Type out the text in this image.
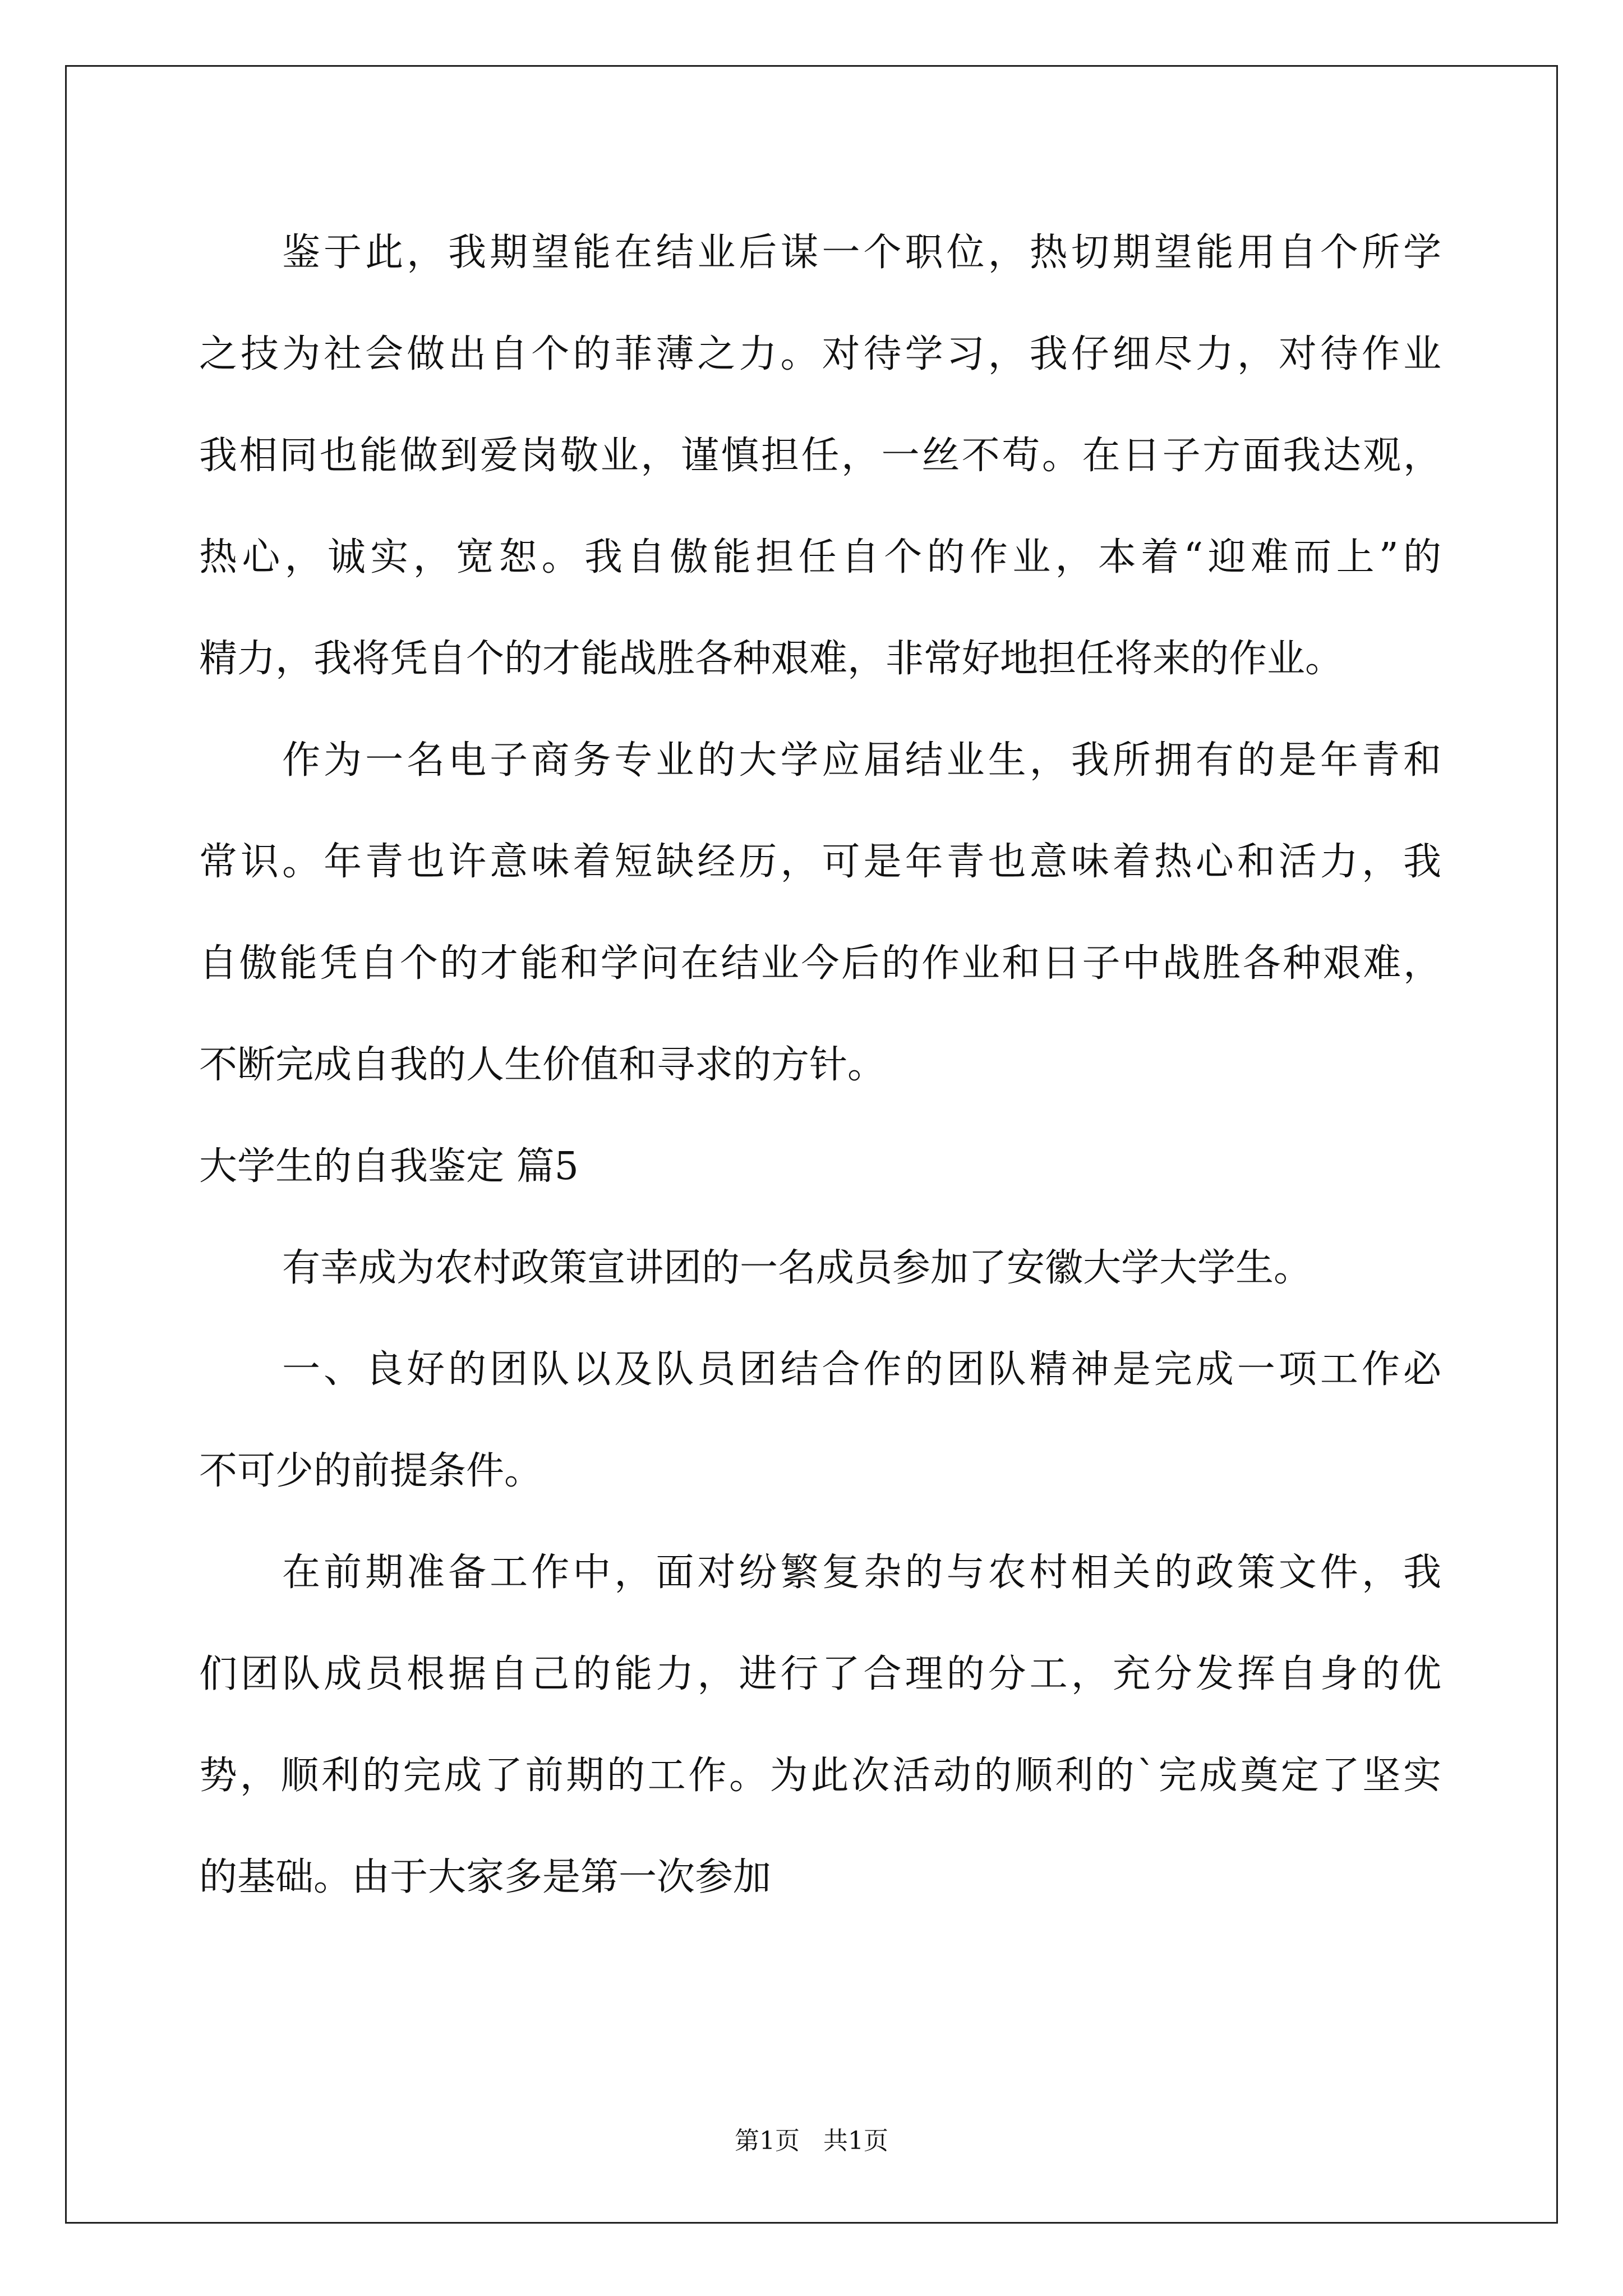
鉴于此，我期望能在结业后谋一个职位，热切期望能用自个所学
之技为社会做出自个的菲薄之力。对待学习，我仔细尽力，对待作业
我相同也能做到爱岗敬业，谨慎担任，一丝不苟。在日子方面我达观，
热心，诚实，宽恕。我自傲能担任自个的作业，本着“迎难而上”的
精力，我将凭自个的才能战胜各种艰难，非常好地担任将来的作业。
作为一名电子商务专业的大学应届结业生，我所拥有的是年青和
常识。年青也许意味着短缺经历，可是年青也意味着热心和活力，我
自傲能凭自个的才能和学问在结业今后的作业和日子中战胜各种艰难，
不断完成自我的人生价值和寻求的方针。
大学生的自我鉴定 篇5
有幸成为农村政策宣讲团的一名成员参加了安徽大学大学生。
一、良好的团队以及队员团结合作的团队精神是完成一项工作必
不可少的前提条件。
在前期准备工作中，面对纷繁复杂的与农村相关的政策文件，我
们团队成员根据自己的能力，进行了合理的分工，充分发挥自身的优
势，顺利的完成了前期的工作。为此次活动的顺利的`完成奠定了坚实
的基础。由于大家多是第一次参加
第1页 共1页
